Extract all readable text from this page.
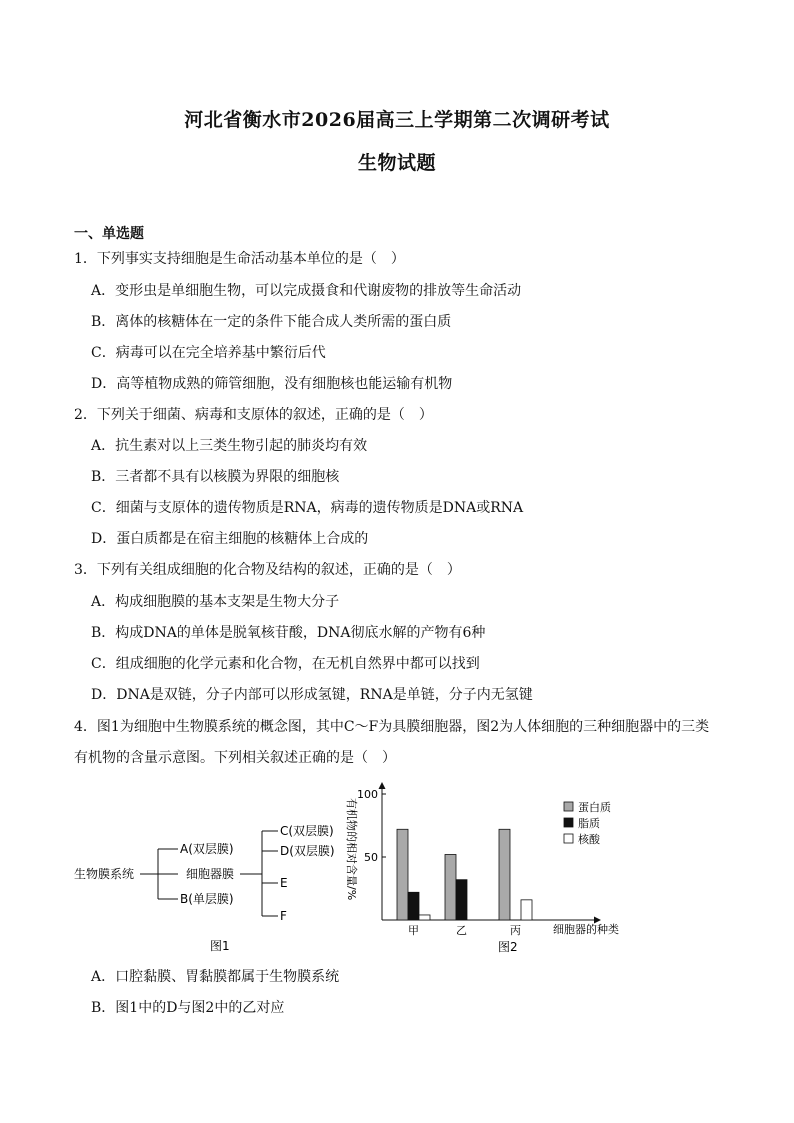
河北省衡水市2026届高三上学期第二次调研考试
生物试题
一、单选题
1．下列事实支持细胞是生命活动基本单位的是（　）
A．变形虫是单细胞生物，可以完成摄食和代谢废物的排放等生命活动
B．离体的核糖体在一定的条件下能合成人类所需的蛋白质
C．病毒可以在完全培养基中繁衍后代
D．高等植物成熟的筛管细胞，没有细胞核也能运输有机物
2．下列关于细菌、病毒和支原体的叙述，正确的是（　）
A．抗生素对以上三类生物引起的肺炎均有效
B．三者都不具有以核膜为界限的细胞核
C．细菌与支原体的遗传物质是RNA，病毒的遗传物质是DNA或RNA
D．蛋白质都是在宿主细胞的核糖体上合成的
3．下列有关组成细胞的化合物及结构的叙述，正确的是（　）
A．构成细胞膜的基本支架是生物大分子
B．构成DNA的单体是脱氧核苷酸，DNA彻底水解的产物有6种
C．组成细胞的化学元素和化合物，在无机自然界中都可以找到
D．DNA是双链，分子内部可以形成氢键，RNA是单链，分子内无氢键
4．图1为细胞中生物膜系统的概念图，其中C～F为具膜细胞器，图2为人体细胞的三种细胞器中的三类
有机物的含量示意图。下列相关叙述正确的是（　）
生物膜系统
A(双层膜)
细胞器膜
B(单层膜)
C(双层膜)
D(双层膜)
E
F
图1
有机物的相对含量/%
细胞器的种类
图2
50
100
甲	乙	丙
蛋白质
脂质
核酸
A．口腔黏膜、胃黏膜都属于生物膜系统
B．图1中的D与图2中的乙对应
